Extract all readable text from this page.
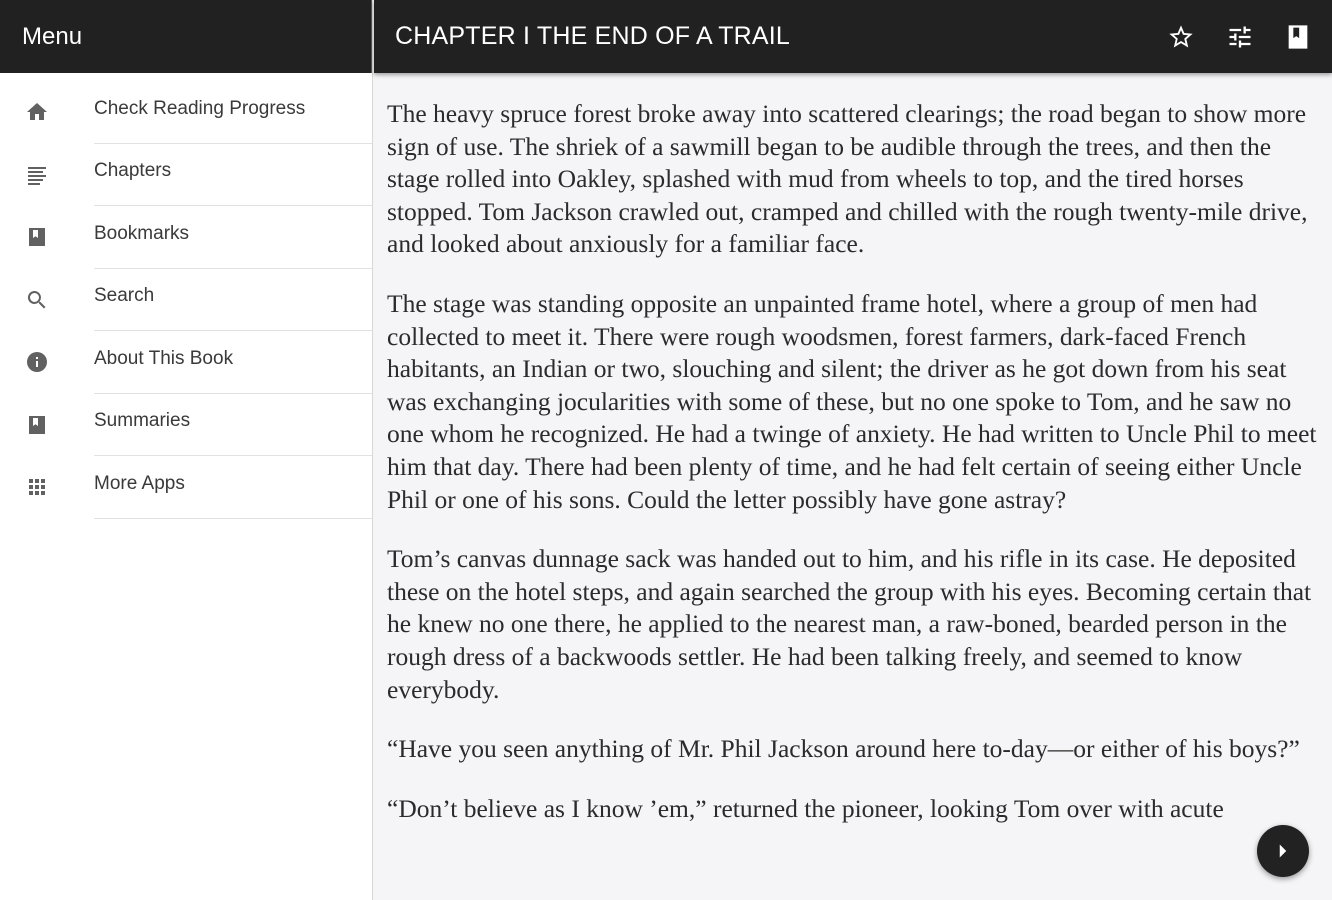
Menu
Check Reading Progress
Chapters
Bookmarks
Search
About This Book
Summaries
More Apps
CHAPTER I THE END OF A TRAIL

The heavy spruce forest broke away into scattered clearings; the road began to show more sign of use. The shriek of a sawmill began to be audible through the trees, and then the stage rolled into Oakley, splashed with mud from wheels to top, and the tired horses stopped. Tom Jackson crawled out, cramped and chilled with the rough twenty-mile drive, and looked about anxiously for a familiar face.

The stage was standing opposite an unpainted frame hotel, where a group of men had collected to meet it. There were rough woodsmen, forest farmers, dark-faced French habitants, an Indian or two, slouching and silent; the driver as he got down from his seat was exchanging jocularities with some of these, but no one spoke to Tom, and he saw no one whom he recognized. He had a twinge of anxiety. He had written to Uncle Phil to meet him that day. There had been plenty of time, and he had felt certain of seeing either Uncle Phil or one of his sons. Could the letter possibly have gone astray?

Tom’s canvas dunnage sack was handed out to him, and his rifle in its case. He deposited these on the hotel steps, and again searched the group with his eyes. Becoming certain that he knew no one there, he applied to the nearest man, a raw-boned, bearded person in the rough dress of a backwoods settler. He had been talking freely, and seemed to know everybody.

“Have you seen anything of Mr. Phil Jackson around here to-day—or either of his boys?”

“Don’t believe as I know ’em,” returned the pioneer, looking Tom over with acute
